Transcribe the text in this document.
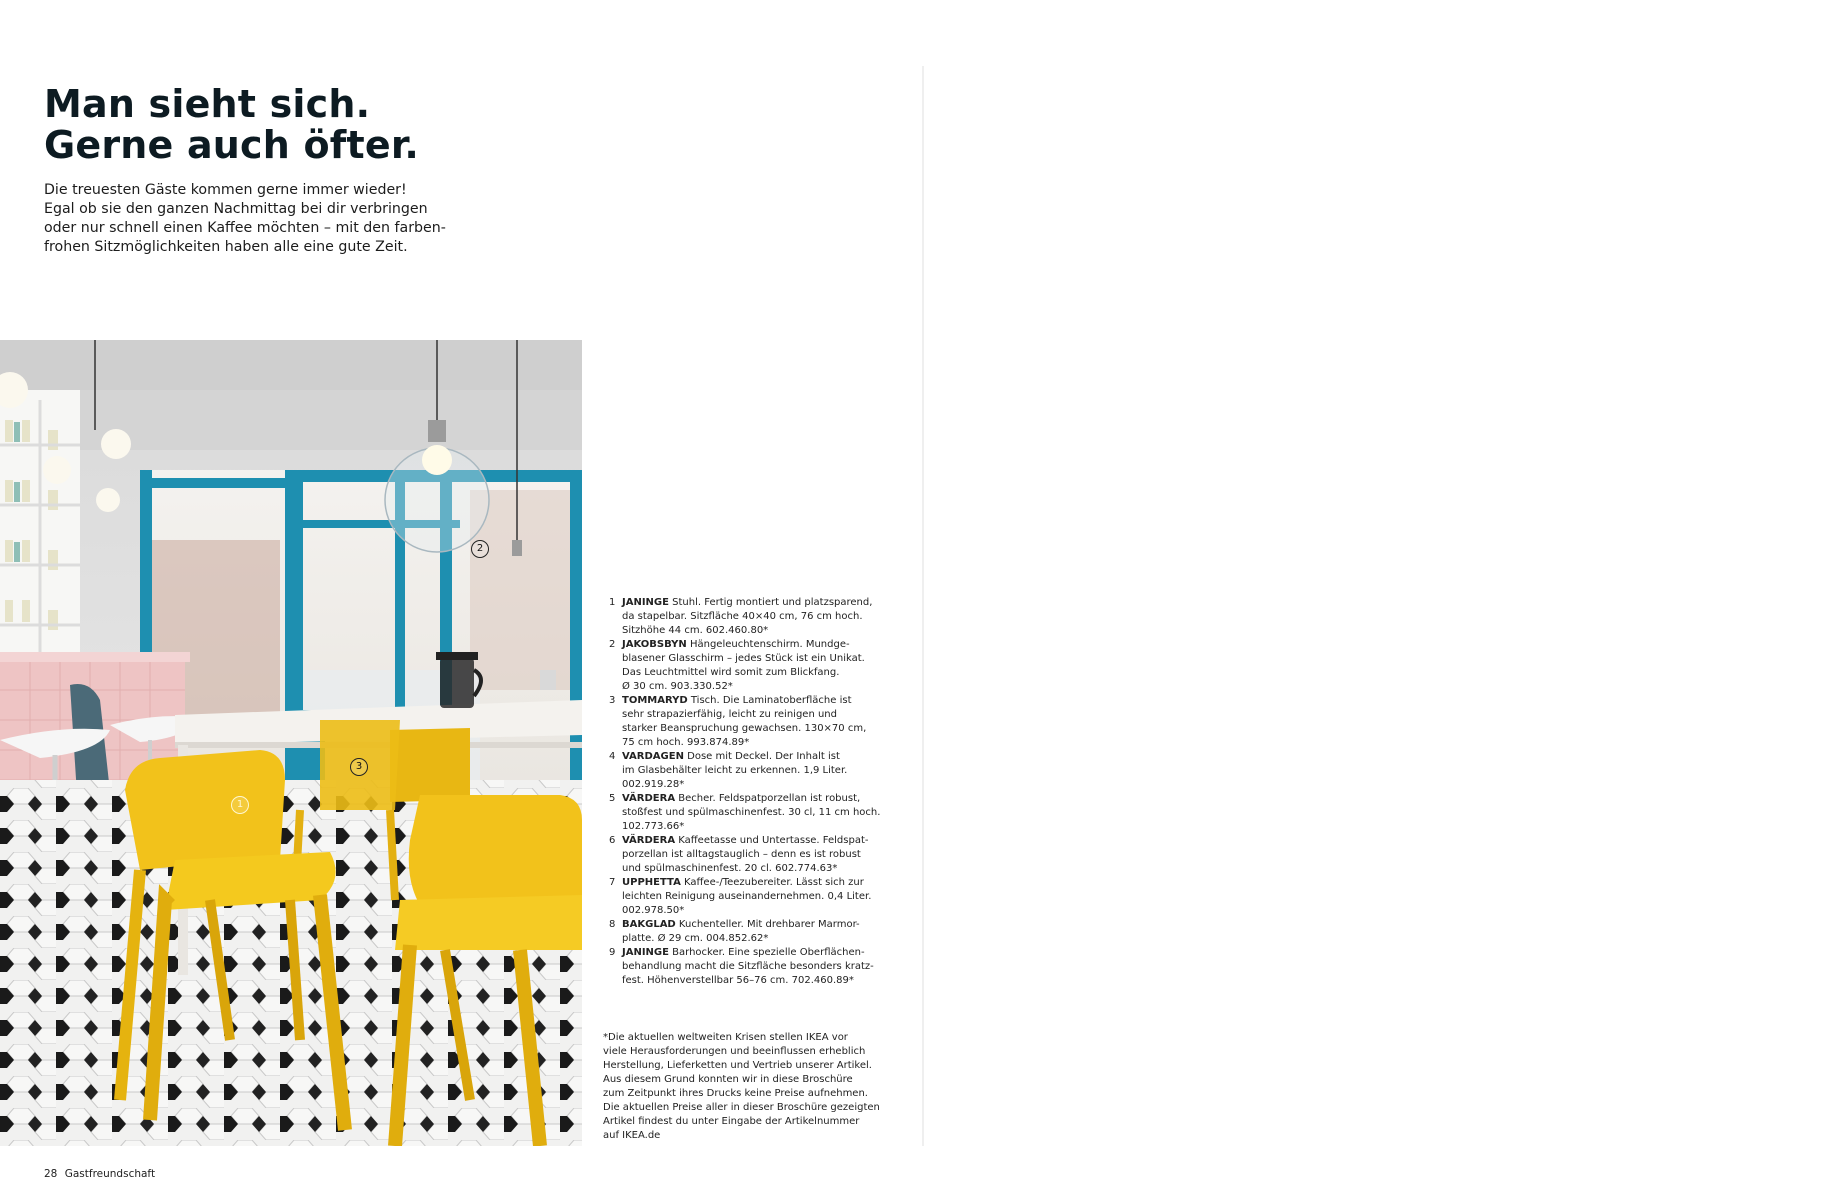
Man sieht sich.
Gerne auch öfter.

Die treuesten Gäste kommen gerne immer wieder!
Egal ob sie den ganzen Nachmittag bei dir verbringen
oder nur schnell einen Kaffee möchten – mit den farben-
frohen Sitzmöglichkeiten haben alle eine gute Zeit.

1
2
3
1 JANINGE Stuhl. Fertig montiert und platzsparend,
da stapelbar. Sitzfläche 40×40 cm, 76 cm hoch.
Sitzhöhe 44 cm. 602.460.80*
2 JAKOBSBYN Hängeleuchtenschirm. Mundge-
blasener Glasschirm – jedes Stück ist ein Unikat.
Das Leuchtmittel wird somit zum Blickfang.
Ø 30 cm. 903.330.52*
3 TOMMARYD Tisch. Die Laminatoberfläche ist
sehr strapazierfähig, leicht zu reinigen und
starker Beanspruchung gewachsen. 130×70 cm,
75 cm hoch. 993.874.89*
4 VARDAGEN Dose mit Deckel. Der Inhalt ist
im Glasbehälter leicht zu erkennen. 1,9 Liter.
002.919.28*
5 VÄRDERA Becher. Feldspatporzellan ist robust,
stoßfest und spülmaschinenfest. 30 cl, 11 cm hoch.
102.773.66*
6 VÄRDERA Kaffeetasse und Untertasse. Feldspat-
porzellan ist alltagstauglich – denn es ist robust
und spülmaschinenfest. 20 cl. 602.774.63*
7 UPPHETTA Kaffee-/Teezubereiter. Lässt sich zur
leichten Reinigung auseinandernehmen. 0,4 Liter.
002.978.50*
8 BAKGLAD Kuchenteller. Mit drehbarer Marmor-
platte. Ø 29 cm. 004.852.62*
9 JANINGE Barhocker. Eine spezielle Oberflächen-
behandlung macht die Sitzfläche besonders kratz-
fest. Höhenverstellbar 56–76 cm. 702.460.89*

*Die aktuellen weltweiten Krisen stellen IKEA vor
viele Herausforderungen und beeinflussen erheblich
Herstellung, Lieferketten und Vertrieb unserer Artikel.
Aus diesem Grund konnten wir in diese Broschüre
zum Zeitpunkt ihres Drucks keine Preise aufnehmen.
Die aktuellen Preise aller in dieser Broschüre gezeigten
Artikel findest du unter Eingabe der Artikelnummer
auf IKEA.de

28 Gastfreundschaft
